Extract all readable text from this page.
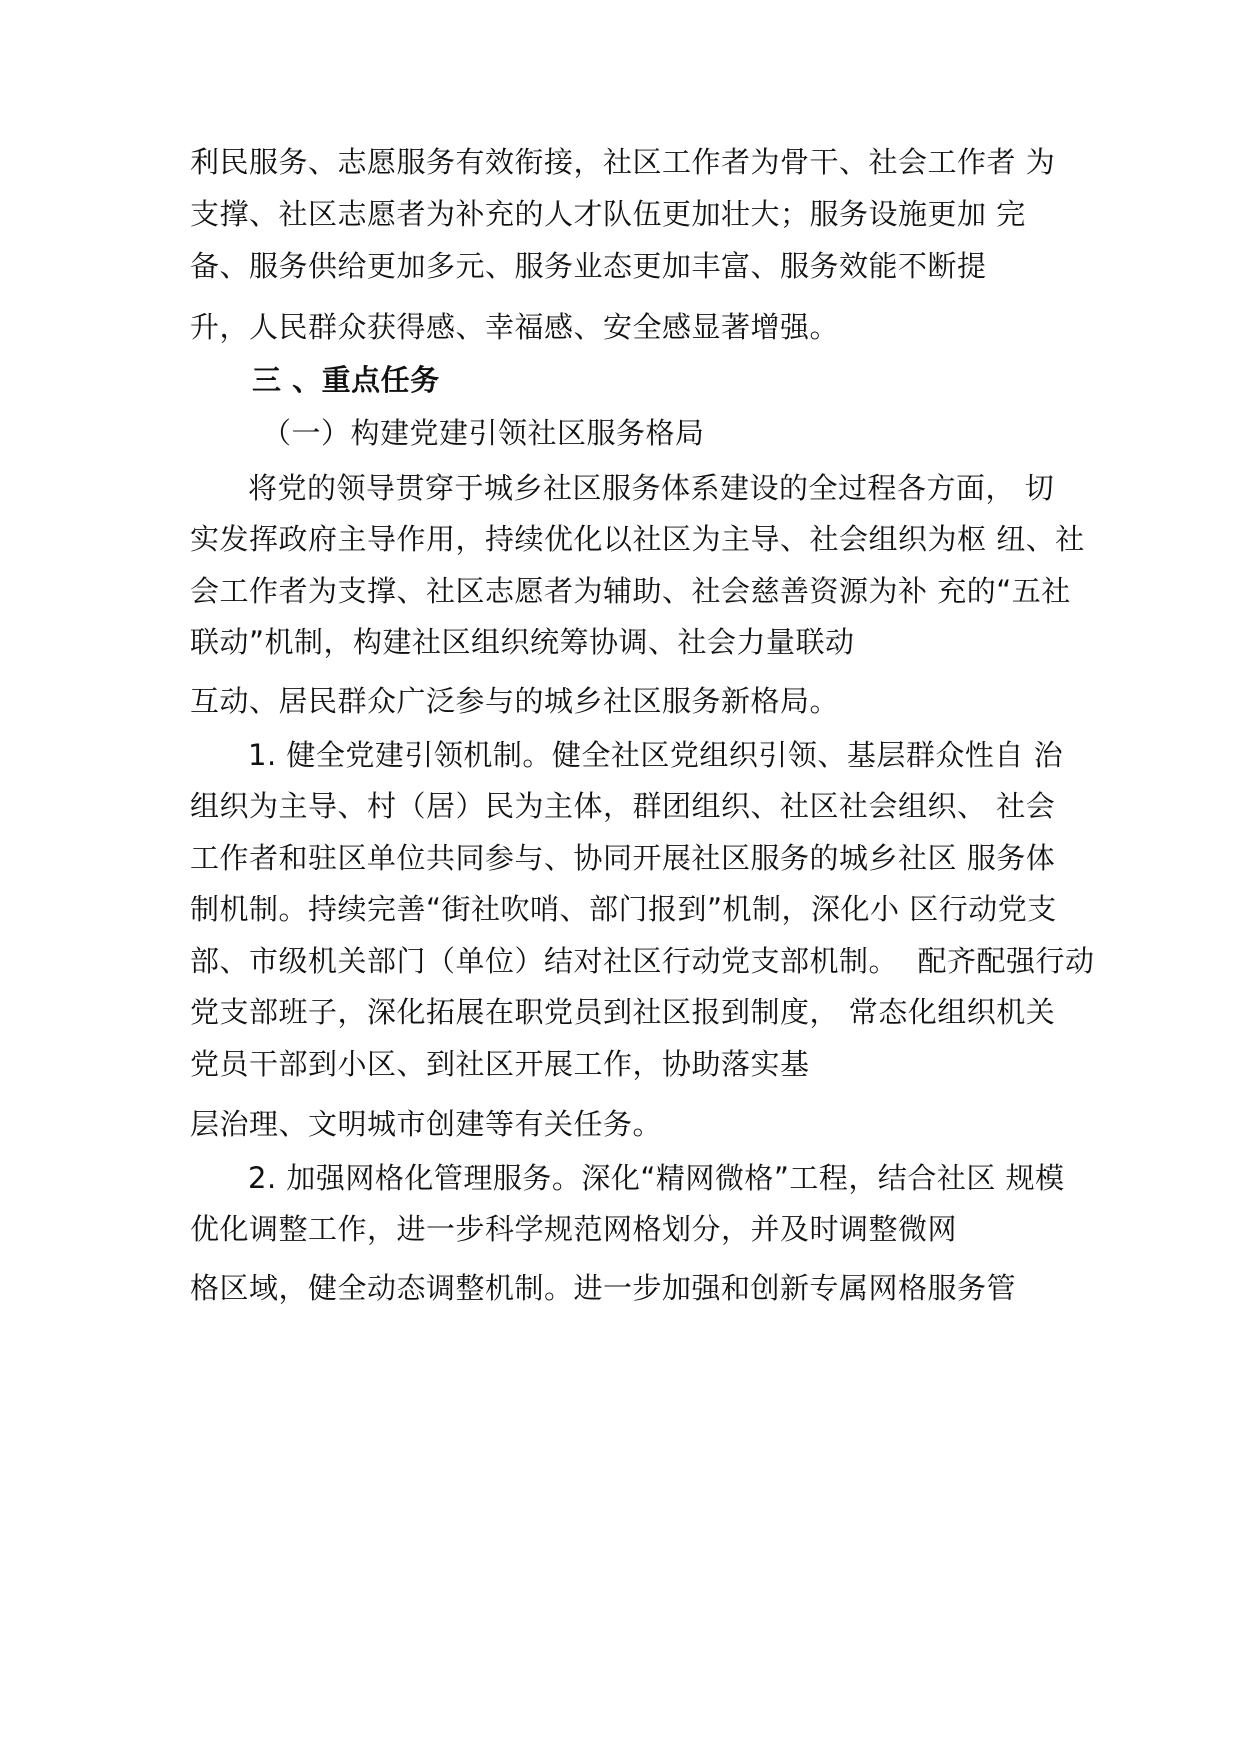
利民服务、志愿服务有效衔接，社区工作者为骨干、社会工作者 为
支撑、社区志愿者为补充的人才队伍更加壮大；服务设施更加 完
备、服务供给更加多元、服务业态更加丰富、服务效能不断提
升，人民群众获得感、幸福感、安全感显著增强。
三 、重点任务
（一）构建党建引领社区服务格局
将党的领导贯穿于城乡社区服务体系建设的全过程各方面， 切
实发挥政府主导作用，持续优化以社区为主导、社会组织为枢 纽、社
会工作者为支撑、社区志愿者为辅助、社会慈善资源为补 充的“五社
联动”机制，构建社区组织统筹协调、社会力量联动
互动、居民群众广泛参与的城乡社区服务新格局。
1. 健全党建引领机制。健全社区党组织引领、基层群众性自 治
组织为主导、村（居）民为主体，群团组织、社区社会组织、 社会
工作者和驻区单位共同参与、协同开展社区服务的城乡社区 服务体
制机制。持续完善“街社吹哨、部门报到”机制，深化小 区行动党支
部、市级机关部门（单位）结对社区行动党支部机制。  配齐配强行动
党支部班子，深化拓展在职党员到社区报到制度， 常态化组织机关
党员干部到小区、到社区开展工作，协助落实基
层治理、文明城市创建等有关任务。
2. 加强网格化管理服务。深化“精网微格”工程，结合社区 规模
优化调整工作，进一步科学规范网格划分，并及时调整微网
格区域，健全动态调整机制。进一步加强和创新专属网格服务管
